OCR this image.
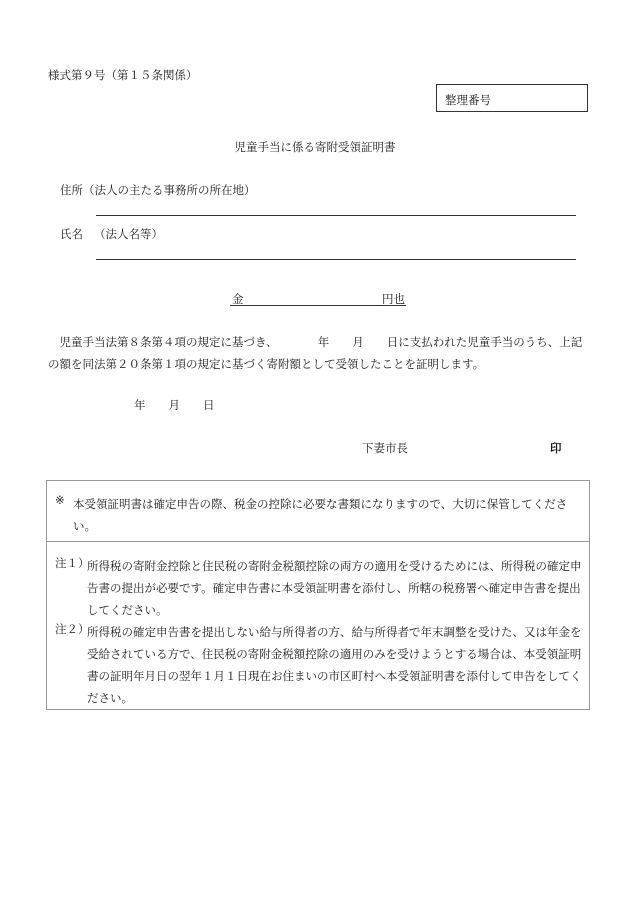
様式第９号（第１５条関係）
整理番号
児童手当に係る寄附受領証明書
住所（法人の主たる事務所の所在地）
氏名 （法人名等）
金	円也
　児童手当法第８条第４項の規定に基づき、　　　　年　　月　　日に支払われた児童手当のうち、上記の額を同法第２０条第１項の規定に基づく寄附額として受領したことを証明します。
年　　月　　日
下妻市長	印
※ 本受領証明書は確定申告の際、税金の控除に必要な書類になりますので、大切に保管してください。
注１）
所得税の寄附金控除と住民税の寄附金税額控除の両方の適用を受けるためには、所得税の確定申告書の提出が必要です。確定申告書に本受領証明書を添付し、所轄の税務署へ確定申告書を提出してください。
注２）
所得税の確定申告書を提出しない給与所得者の方、給与所得者で年末調整を受けた、又は年金を受給されている方で、住民税の寄附金税額控除の適用のみを受けようとする場合は、本受領証明書の証明年月日の翌年１月１日現在お住まいの市区町村へ本受領証明書を添付して申告をしてください。
